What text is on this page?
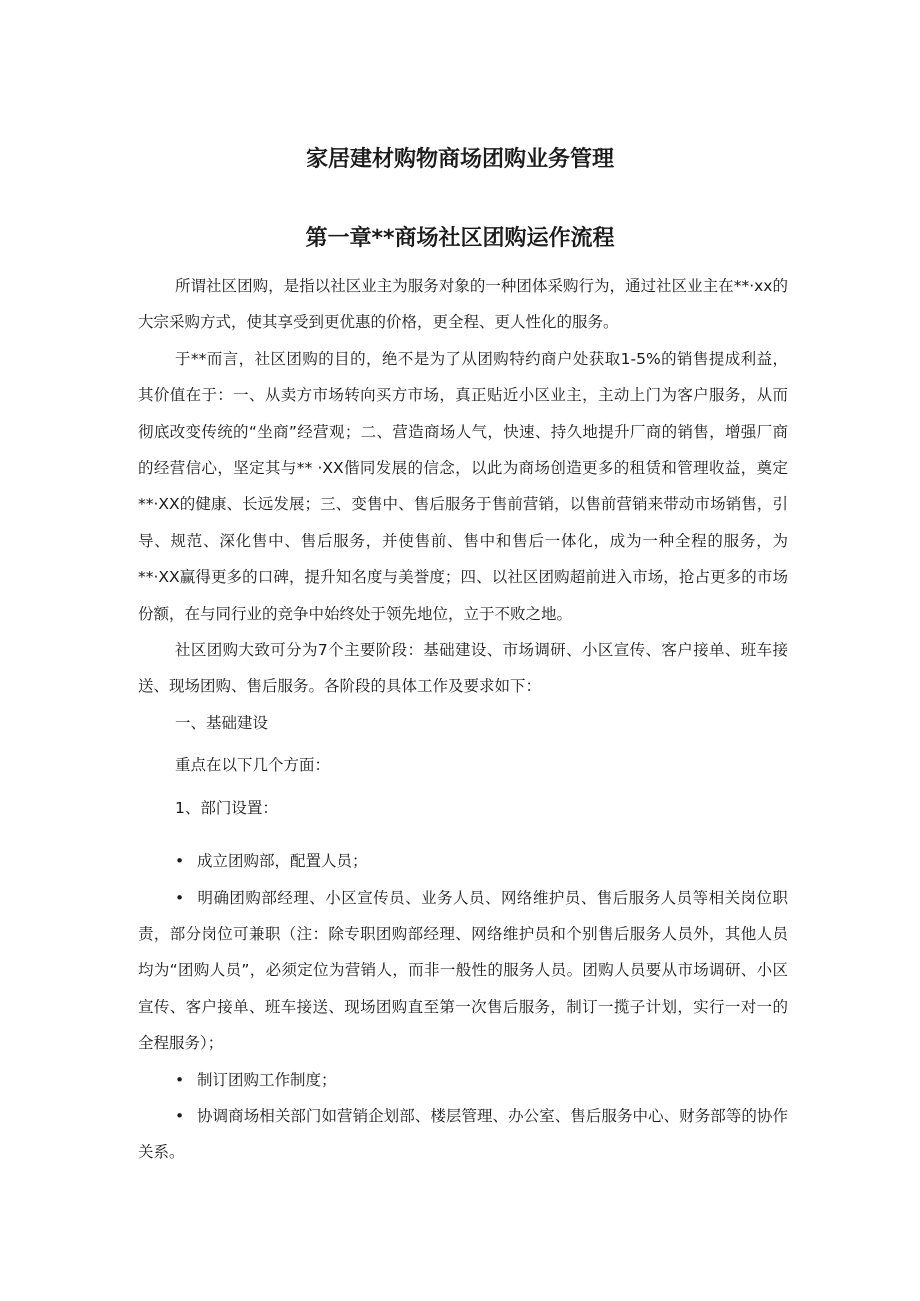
家居建材购物商场团购业务管理
第一章**商场社区团购运作流程

所谓社区团购，是指以社区业主为服务对象的一种团体采购行为，通过社区业主在**·xx的大宗采购方式，使其享受到更优惠的价格，更全程、更人性化的服务。

于**而言，社区团购的目的，绝不是为了从团购特约商户处获取1-5%的销售提成利益，其价值在于：一、从卖方市场转向买方市场，真正贴近小区业主，主动上门为客户服务，从而彻底改变传统的“坐商”经营观；二、营造商场人气，快速、持久地提升厂商的销售，增强厂商的经营信心，坚定其与** ·XX偕同发展的信念，以此为商场创造更多的租赁和管理收益，奠定**·XX的健康、长远发展；三、变售中、售后服务于售前营销，以售前营销来带动市场销售，引导、规范、深化售中、售后服务，并使售前、售中和售后一体化，成为一种全程的服务，为**·XX赢得更多的口碑，提升知名度与美誉度；四、以社区团购超前进入市场，抢占更多的市场份额，在与同行业的竞争中始终处于领先地位，立于不败之地。

社区团购大致可分为7个主要阶段：基础建设、市场调研、小区宣传、客户接单、班车接送、现场团购、售后服务。各阶段的具体工作及要求如下：

一、基础建设

重点在以下几个方面：

1、部门设置：

• 成立团购部，配置人员；

• 明确团购部经理、小区宣传员、业务人员、网络维护员、售后服务人员等相关岗位职责，部分岗位可兼职（注：除专职团购部经理、网络维护员和个别售后服务人员外，其他人员均为“团购人员”，必须定位为营销人，而非一般性的服务人员。团购人员要从市场调研、小区宣传、客户接单、班车接送、现场团购直至第一次售后服务，制订一揽子计划，实行一对一的全程服务）；

• 制订团购工作制度；

• 协调商场相关部门如营销企划部、楼层管理、办公室、售后服务中心、财务部等的协作关系。
